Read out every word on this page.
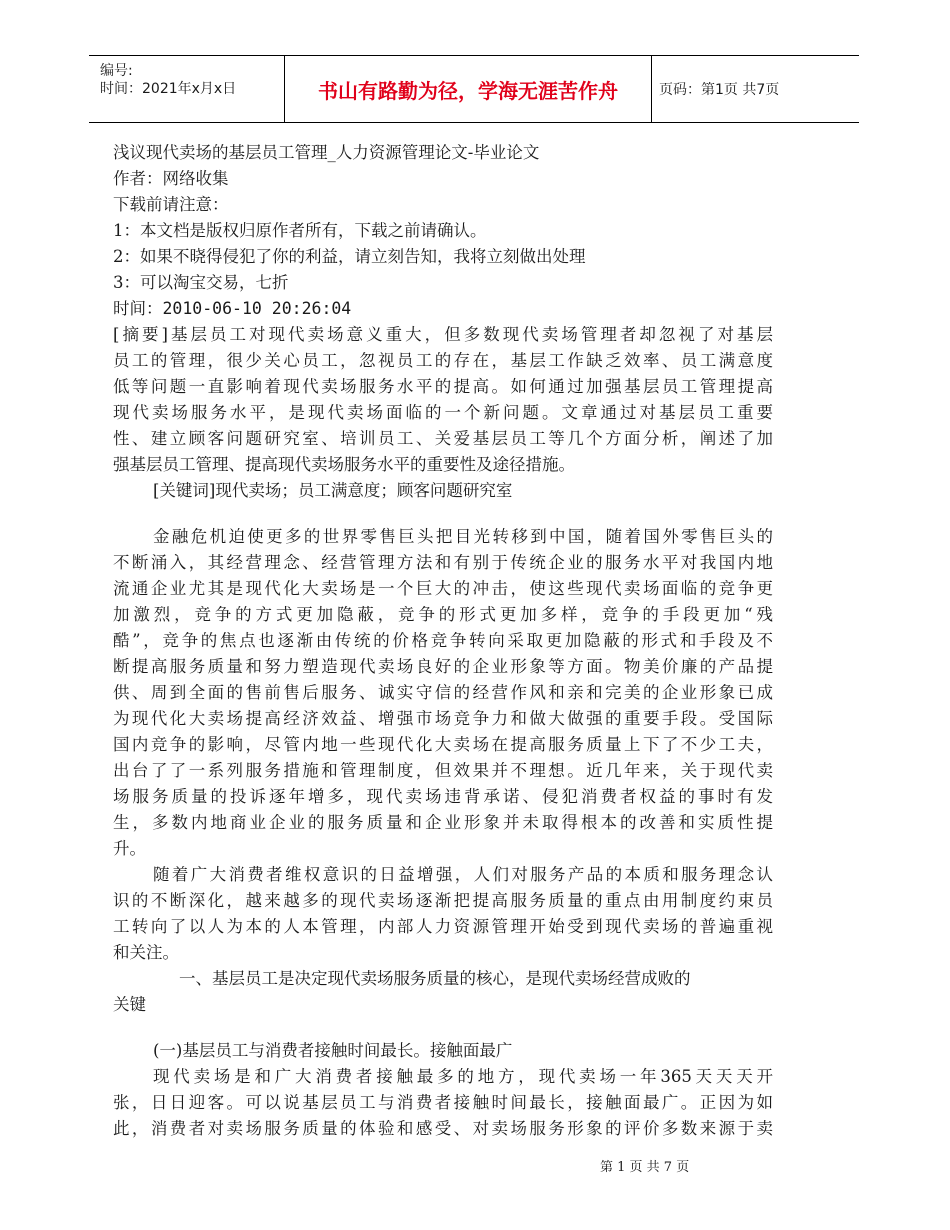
编号:
时间：2021年x月x日	书山有路勤为径，学海无涯苦作舟	页码：第1页 共7页
浅议现代卖场的基层员工管理_人力资源管理论文-毕业论文
作者：网络收集
下载前请注意：
1：本文档是版权归原作者所有，下载之前请确认。
2：如果不晓得侵犯了你的利益，请立刻告知，我将立刻做出处理
3：可以淘宝交易，七折
时间：2010-06-10 20:26:04
[摘要]基层员工对现代卖场意义重大，但多数现代卖场管理者却忽视了对基层
员工的管理，很少关心员工，忽视员工的存在，基层工作缺乏效率、员工满意度
低等问题一直影响着现代卖场服务水平的提高。如何通过加强基层员工管理提高
现代卖场服务水平，是现代卖场面临的一个新问题。文章通过对基层员工重要
性、建立顾客问题研究室、培训员工、关爱基层员工等几个方面分析，阐述了加
强基层员工管理、提高现代卖场服务水平的重要性及途径措施。
[关键词]现代卖场；员工满意度；顾客问题研究室
金融危机迫使更多的世界零售巨头把目光转移到中国，随着国外零售巨头的
不断涌入，其经营理念、经营管理方法和有别于传统企业的服务水平对我国内地
流通企业尤其是现代化大卖场是一个巨大的冲击，使这些现代卖场面临的竞争更
加激烈，竞争的方式更加隐蔽，竞争的形式更加多样，竞争的手段更加“残
酷”，竞争的焦点也逐渐由传统的价格竞争转向采取更加隐蔽的形式和手段及不
断提高服务质量和努力塑造现代卖场良好的企业形象等方面。物美价廉的产品提
供、周到全面的售前售后服务、诚实守信的经营作风和亲和完美的企业形象已成
为现代化大卖场提高经济效益、增强市场竞争力和做大做强的重要手段。受国际
国内竞争的影响，尽管内地一些现代化大卖场在提高服务质量上下了不少工夫，
出台了了一系列服务措施和管理制度，但效果并不理想。近几年来，关于现代卖
场服务质量的投诉逐年增多，现代卖场违背承诺、侵犯消费者权益的事时有发
生，多数内地商业企业的服务质量和企业形象并未取得根本的改善和实质性提
升。
随着广大消费者维权意识的日益增强，人们对服务产品的本质和服务理念认
识的不断深化，越来越多的现代卖场逐渐把提高服务质量的重点由用制度约束员
工转向了以人为本的人本管理，内部人力资源管理开始受到现代卖场的普遍重视
和关注。
一、基层员工是决定现代卖场服务质量的核心，是现代卖场经营成败的
关键
(一)基层员工与消费者接触时间最长。接触面最广
现代卖场是和广大消费者接触最多的地方，现代卖场一年365天天天开
张，日日迎客。可以说基层员工与消费者接触时间最长，接触面最广。正因为如
此，消费者对卖场服务质量的体验和感受、对卖场服务形象的评价多数来源于卖
第 1 页 共 7 页
